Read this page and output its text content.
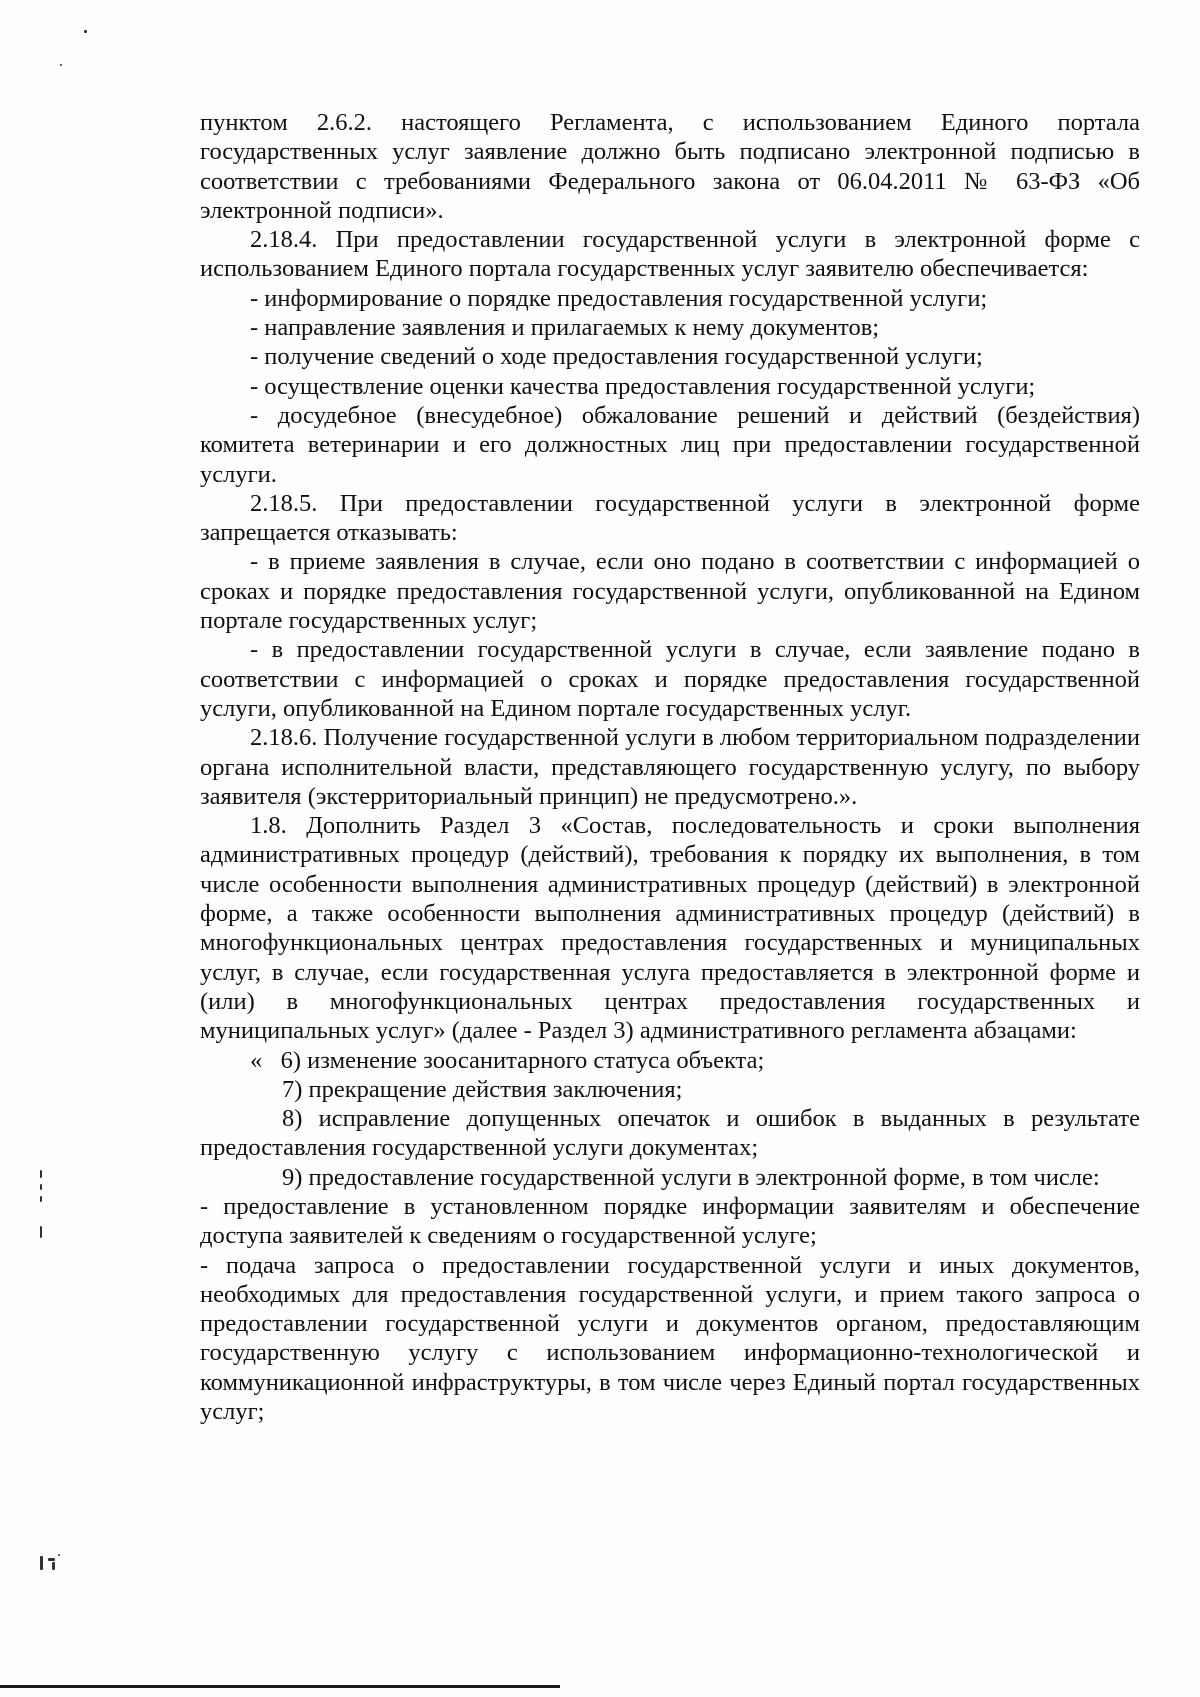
пунктом 2.6.2. настоящего Регламента, с использованием Единого портала государственных услуг заявление должно быть подписано электронной подписью в соответствии с требованиями Федерального закона от 06.04.2011 № 63-ФЗ «Об электронной подписи».

2.18.4. При предоставлении государственной услуги в электронной форме с использованием Единого портала государственных услуг заявителю обеспечивается:

- информирование о порядке предоставления государственной услуги;

- направление заявления и прилагаемых к нему документов;

- получение сведений о ходе предоставления государственной услуги;

- осуществление оценки качества предоставления государственной услуги;

- досудебное (внесудебное) обжалование решений и действий (бездействия) комитета ветеринарии и его должностных лиц при предоставлении государственной услуги.

2.18.5. При предоставлении государственной услуги в электронной форме запрещается отказывать:

- в приеме заявления в случае, если оно подано в соответствии с информацией о сроках и порядке предоставления государственной услуги, опубликованной на Едином портале государственных услуг;

- в предоставлении государственной услуги в случае, если заявление подано в соответствии с информацией о сроках и порядке предоставления государственной услуги, опубликованной на Едином портале государственных услуг.

2.18.6. Получение государственной услуги в любом территориальном подразделении органа исполнительной власти, представляющего государственную услугу, по выбору заявителя (экстерриториальный принцип) не предусмотрено.».

1.8. Дополнить Раздел 3 «Состав, последовательность и сроки выполнения административных процедур (действий), требования к порядку их выполнения, в том числе особенности выполнения административных процедур (действий) в электронной форме, а также особенности выполнения административных процедур (действий) в многофункциональных центрах предоставления государственных и муниципальных услуг, в случае, если государственная услуга предоставляется в электронной форме и (или) в многофункциональных центрах предоставления государственных и муниципальных услуг» (далее - Раздел 3) административного регламента абзацами:

«   6) изменение зоосанитарного статуса объекта;

7) прекращение действия заключения;

8) исправление допущенных опечаток и ошибок в выданных в результате предоставления государственной услуги документах;

9) предоставление государственной услуги в электронной форме, в том числе:

- предоставление в установленном порядке информации заявителям и обеспечение доступа заявителей к сведениям о государственной услуге;

- подача запроса о предоставлении государственной услуги и иных документов, необходимых для предоставления государственной услуги, и прием такого запроса о предоставлении государственной услуги и документов органом, предоставляющим государственную услугу с использованием информационно-технологической и коммуникационной инфраструктуры, в том числе через Единый портал государственных услуг;
